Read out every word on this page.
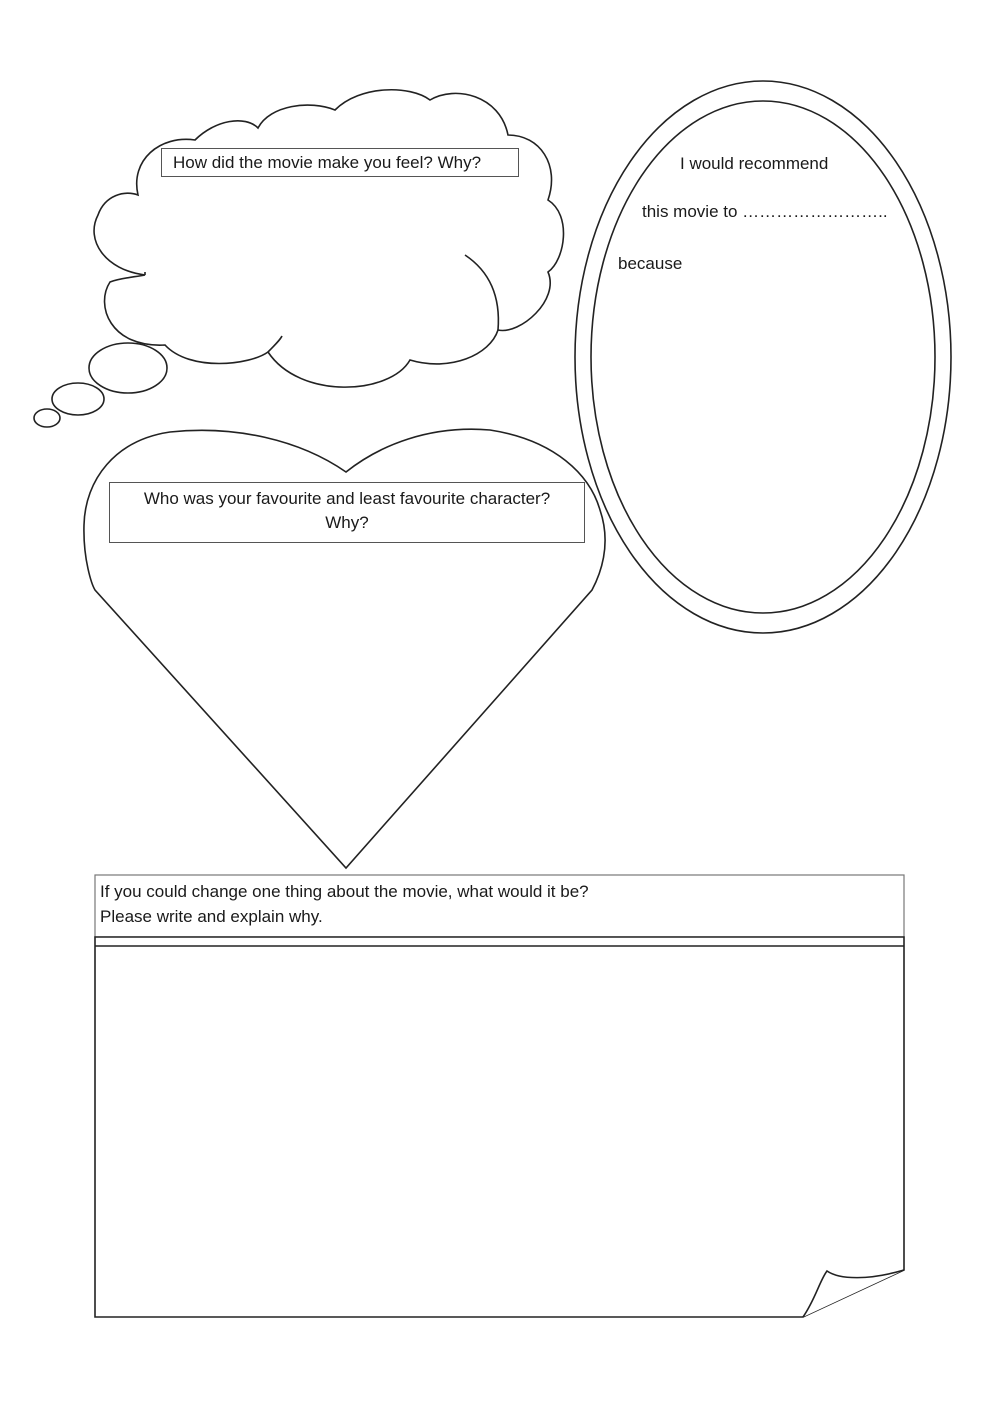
How did the movie make you feel? Why?	I would recommend
this movie to ……………………..
because
Who was your favourite and least favourite character?
Why?
If you could change one thing about the movie, what would it be?
Please write and explain why.
